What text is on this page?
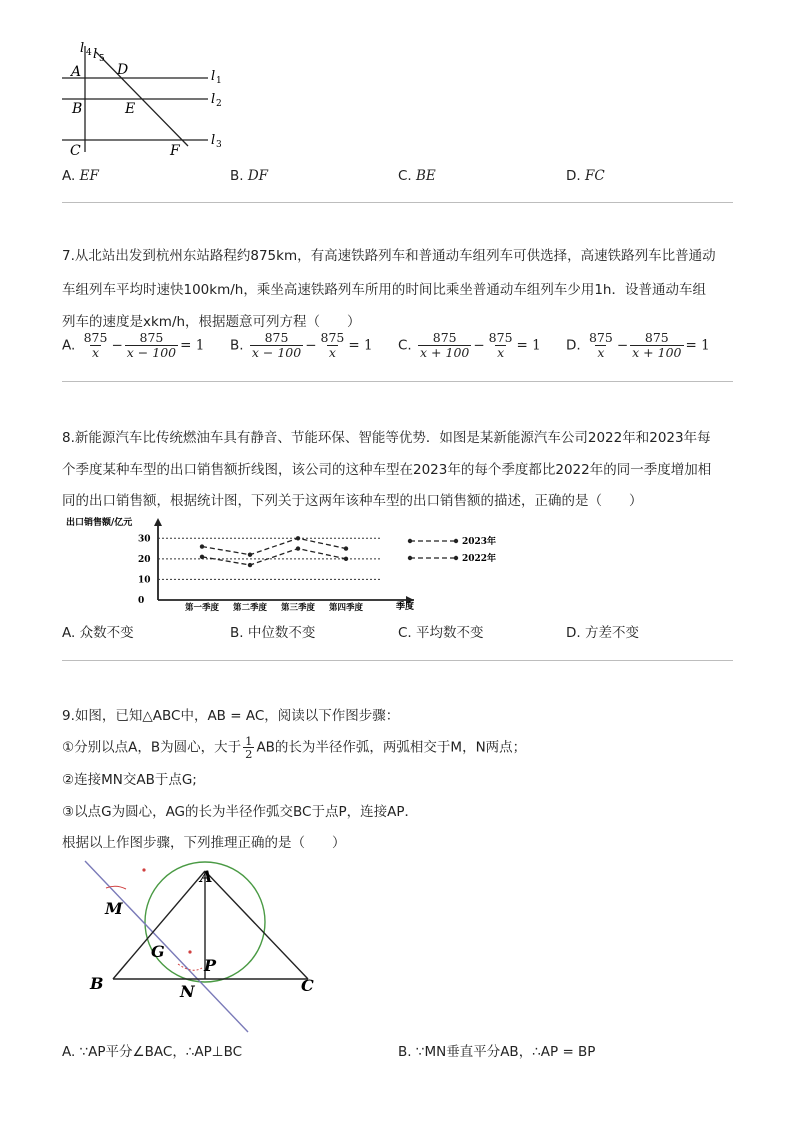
l 4 l 5
l 1
l 2
l 3
A	D
B	E
C	F
A. EF	B. DF	C. BE	D. FC
7.从北站出发到杭州东站路程约875km，有高速铁路列车和普通动车组列车可供选择，高速铁路列车比普通动
车组列车平均时速快100km/h，乘坐高速铁路列车所用的时间比乘坐普通动车组列车少用1h．设普通动车组
列车的速度是xkm/h，根据题意可列方程（　　）
A. $\frac{875}{x} - \frac{875}{x - 100} = 1$ B. $\frac{875}{x - 100} - \frac{875}{x} = 1$ C. $\frac{875}{x + 100} - \frac{875}{x} = 1$ D. $\frac{875}{x} - \frac{875}{x + 100} = 1$
8.新能源汽车比传统燃油车具有静音、节能环保、智能等优势．如图是某新能源汽车公司2022年和2023年每
个季度某种车型的出口销售额折线图，该公司的这种车型在2023年的每个季度都比2022年的同一季度增加相
同的出口销售额，根据统计图，下列关于这两年该种车型的出口销售额的描述，正确的是（　　）
出口销售额/亿元
季度
0
10
20
30
第一季度 第二季度 第三季度 第四季度
2023年
2022年
A. 众数不变	B. 中位数不变	C. 平均数不变	D. 方差不变
9.如图，已知△ABC中，AB = AC，阅读以下作图步骤：
①分别以点A，B为圆心，大于 $\frac{1}{2}$ AB的长为半径作弧，两弧相交于M，N两点；
②连接MN交AB于点G;
③以点G为圆心，AG的长为半径作弧交BC于点P，连接AP．
根据以上作图步骤，下列推理正确的是（　　）
A
M
G
P
B	N	C
A. ∵AP平分∠BAC，∴AP⊥BC	B. ∵MN垂直平分AB，∴AP = BP
